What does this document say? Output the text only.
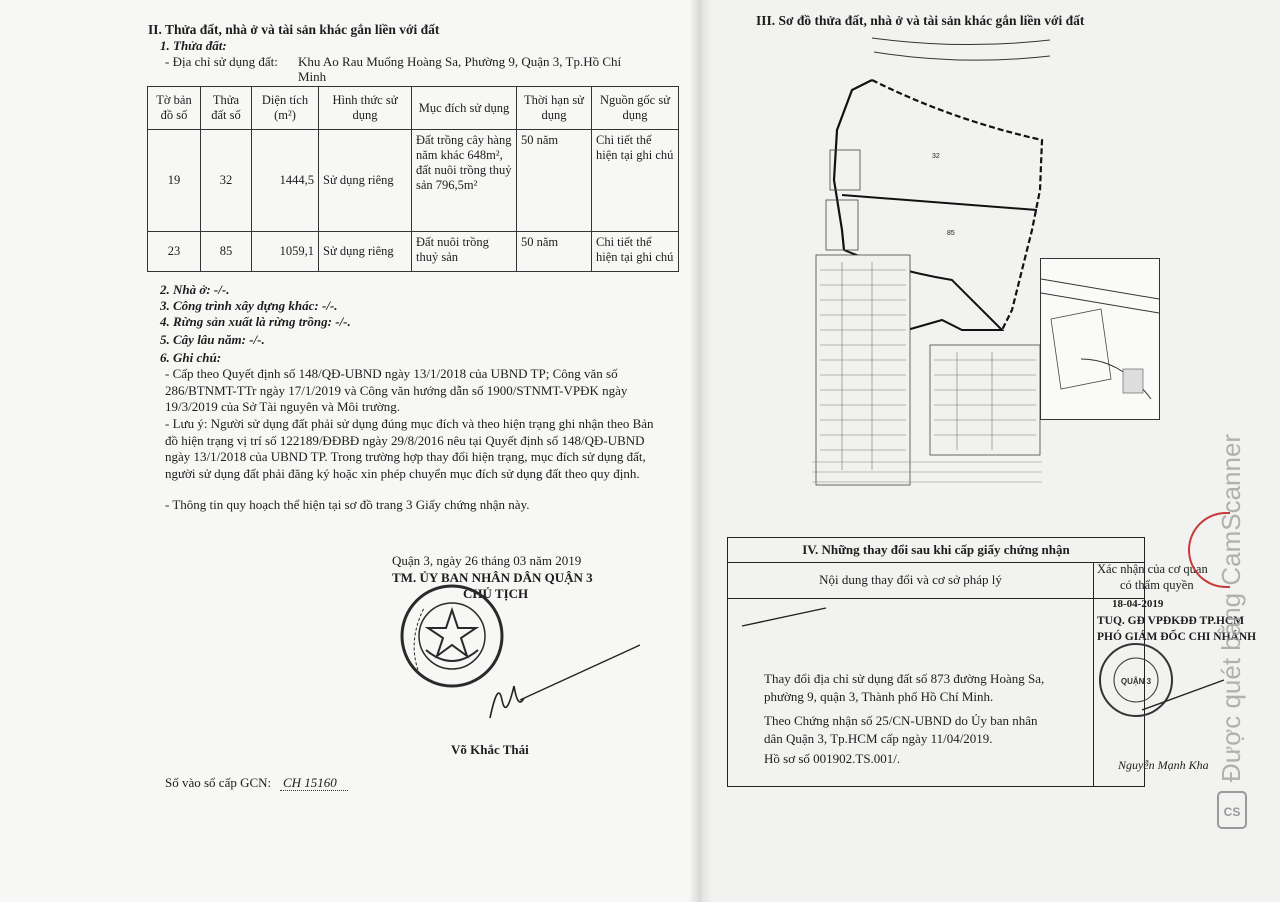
II. Thửa đất, nhà ở và tài sản khác gắn liền với đất
1. Thửa đất:
- Địa chỉ sử dụng đất: Khu Ao Rau Muống Hoàng Sa, Phường 9, Quận 3, Tp.Hồ Chí
Minh
Tờ bản đồ số	Thửa đất số	Diện tích (m²)	Hình thức sử dụng	Mục đích sử dụng	Thời hạn sử dụng	Nguồn gốc sử dụng
19	32	1444,5	Sử dụng riêng	Đất trồng cây hàng năm khác 648m², đất nuôi trồng thuỷ sản 796,5m²	50 năm	Chi tiết thể hiện tại ghi chú
23	85	1059,1	Sử dụng riêng	Đất nuôi trồng thuỷ sản	50 năm	Chi tiết thể hiện tại ghi chú
2. Nhà ở: -/-.
3. Công trình xây dựng khác: -/-.
4. Rừng sản xuất là rừng trồng: -/-.
5. Cây lâu năm: -/-.
6. Ghi chú:
- Cấp theo Quyết định số 148/QĐ-UBND ngày 13/1/2018 của UBND TP; Công văn số 286/BTNMT-TTr ngày 17/1/2019 và Công văn hướng dẫn số 1900/STNMT-VPĐK ngày 19/3/2019 của Sở Tài nguyên và Môi trường.
- Lưu ý: Người sử dụng đất phải sử dụng đúng mục đích và theo hiện trạng ghi nhận theo Bản đồ hiện trạng vị trí số 122189/ĐĐBĐ ngày 29/8/2016 nêu tại Quyết định số 148/QĐ-UBND ngày 13/1/2018 của UBND TP. Trong trường hợp thay đổi hiện trạng, mục đích sử dụng đất, người sử dụng đất phải đăng ký hoặc xin phép chuyển mục đích sử dụng đất theo quy định.
- Thông tin quy hoạch thể hiện tại sơ đồ trang 3 Giấy chứng nhận này.
Quận 3, ngày 26 tháng 03 năm 2019
TM. ỦY BAN NHÂN DÂN QUẬN 3
CHỦ TỊCH
Võ Khắc Thái
Số vào sổ cấp GCN: CH 15160
III. Sơ đồ thửa đất, nhà ở và tài sản khác gắn liền với đất
32
85
IV. Những thay đổi sau khi cấp giấy chứng nhận
Nội dung thay đổi và cơ sở pháp lý
Xác nhận của cơ quan
có thẩm quyền
18-04-2019
TUQ. GĐ VPĐKĐĐ TP.HCM
PHÓ GIÁM ĐỐC CHI NHÁNH
QUẬN 3
Thay đổi địa chỉ sử dụng đất số 873 đường Hoàng Sa,
phường 9, quận 3, Thành phố Hồ Chí Minh.
Theo Chứng nhận số 25/CN-UBND do Ủy ban nhân
dân Quận 3, Tp.HCM cấp ngày 11/04/2019.
Hồ sơ số 001902.TS.001/.	Nguyễn Mạnh Kha Được quét bằng CamScanner
CS
